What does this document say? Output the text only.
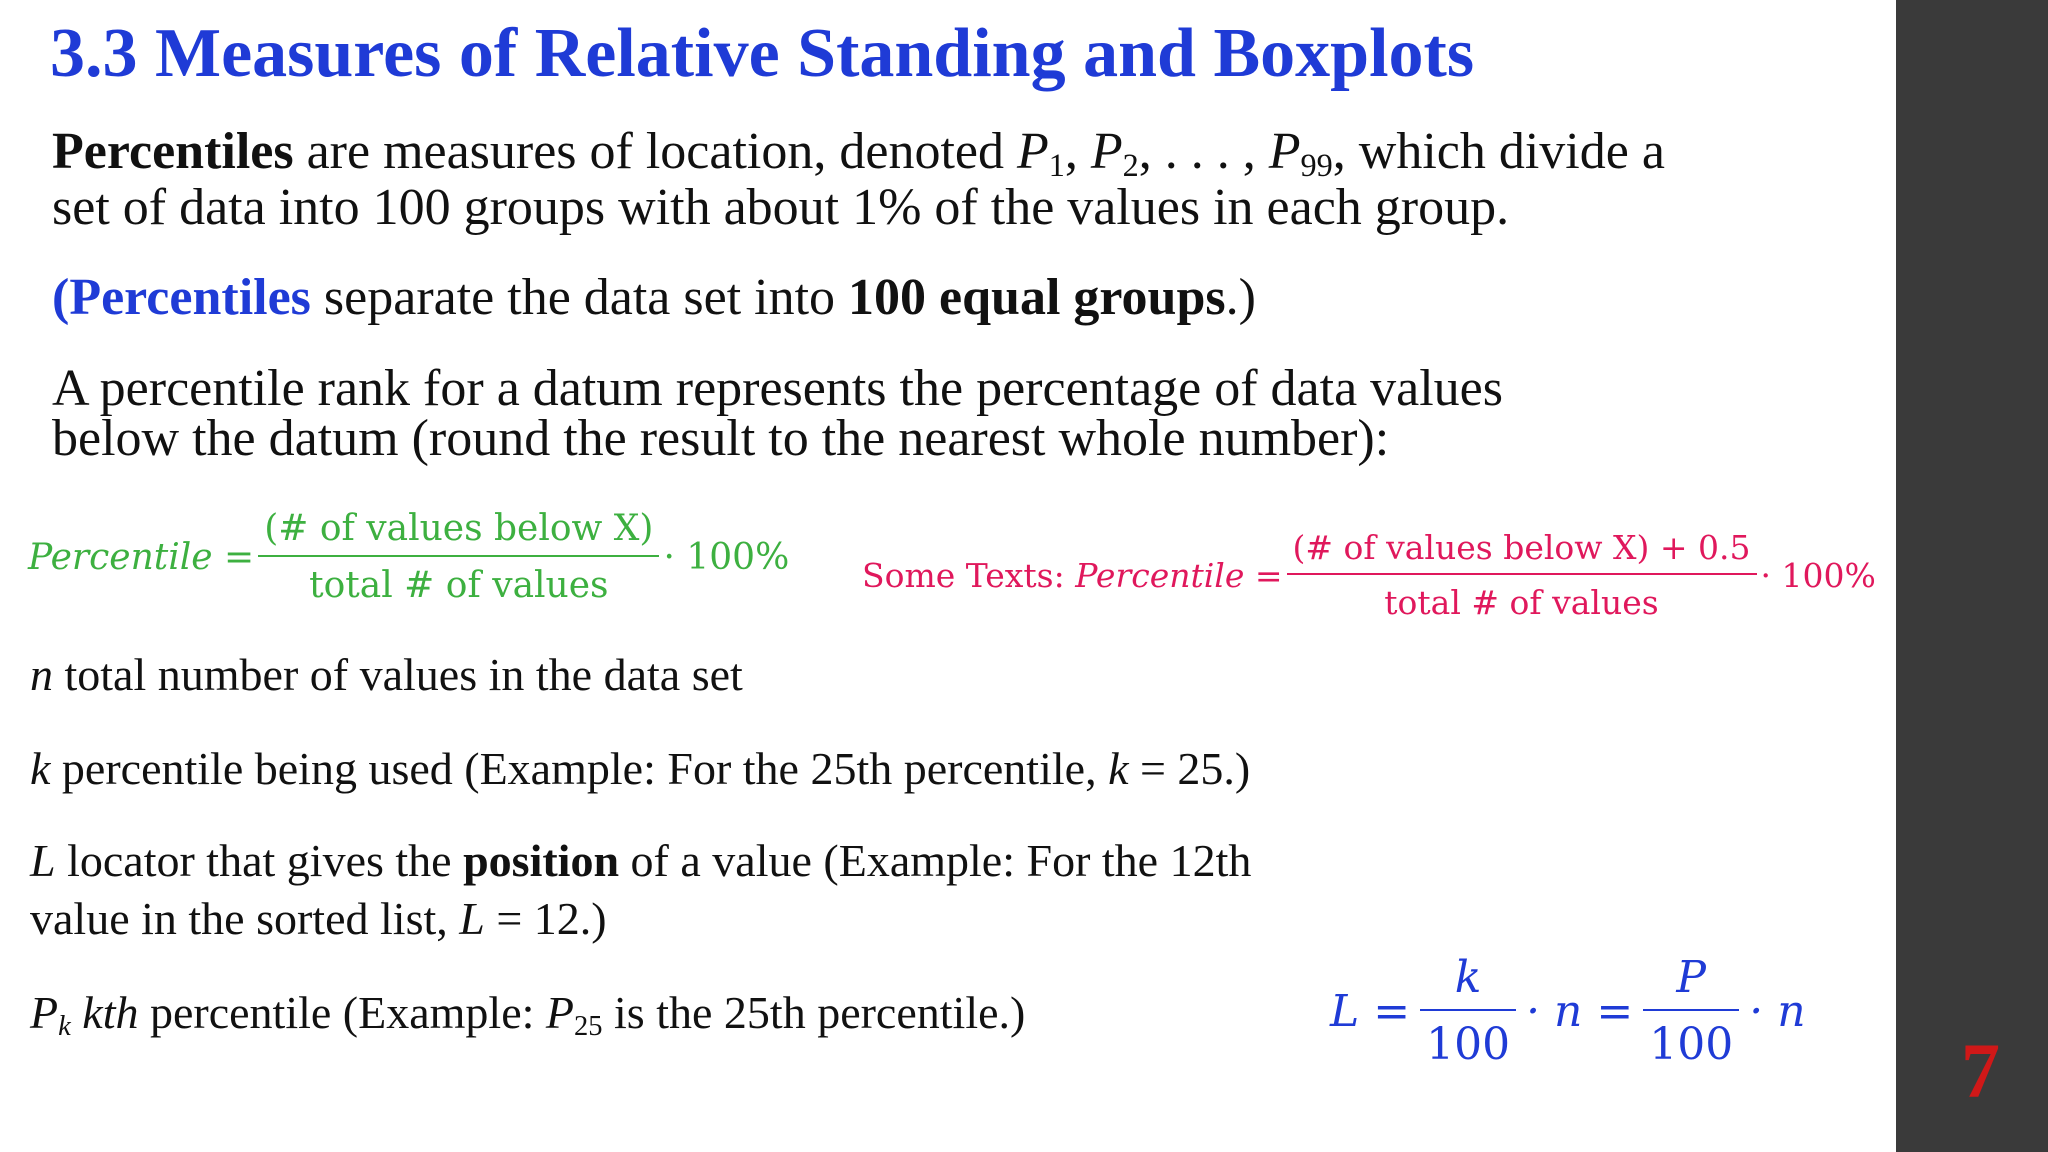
3.3 Measures of Relative Standing and Boxplots
Percentiles are measures of location, denoted $P_1$, $P_2$, . . . , $P_{99}$, which divide a
set of data into 100 groups with about 1% of the values in each group.
(Percentiles separate the data set into 100 equal groups.)
A percentile rank for a datum represents the percentage of data values
below the datum (round the result to the nearest whole number):
Percentile = $\frac{\text{(\# of values below X)}}{\text{total \# of values}} \cdot 100\%$ Some Texts: Percentile = $\frac{\text{(\# of values below X) + 0.5}}{\text{total \# of values}} \cdot 100\%$
n total number of values in the data set
k percentile being used (Example: For the 25th percentile, k = 25.)
L locator that gives the position of a value (Example: For the 12th
value in the sorted list, L = 12.)
$P_k$ kth percentile (Example: $P_{25}$ is the 25th percentile.)	$L = \frac{k}{100} \cdot n = \frac{P}{100} \cdot n$
7
